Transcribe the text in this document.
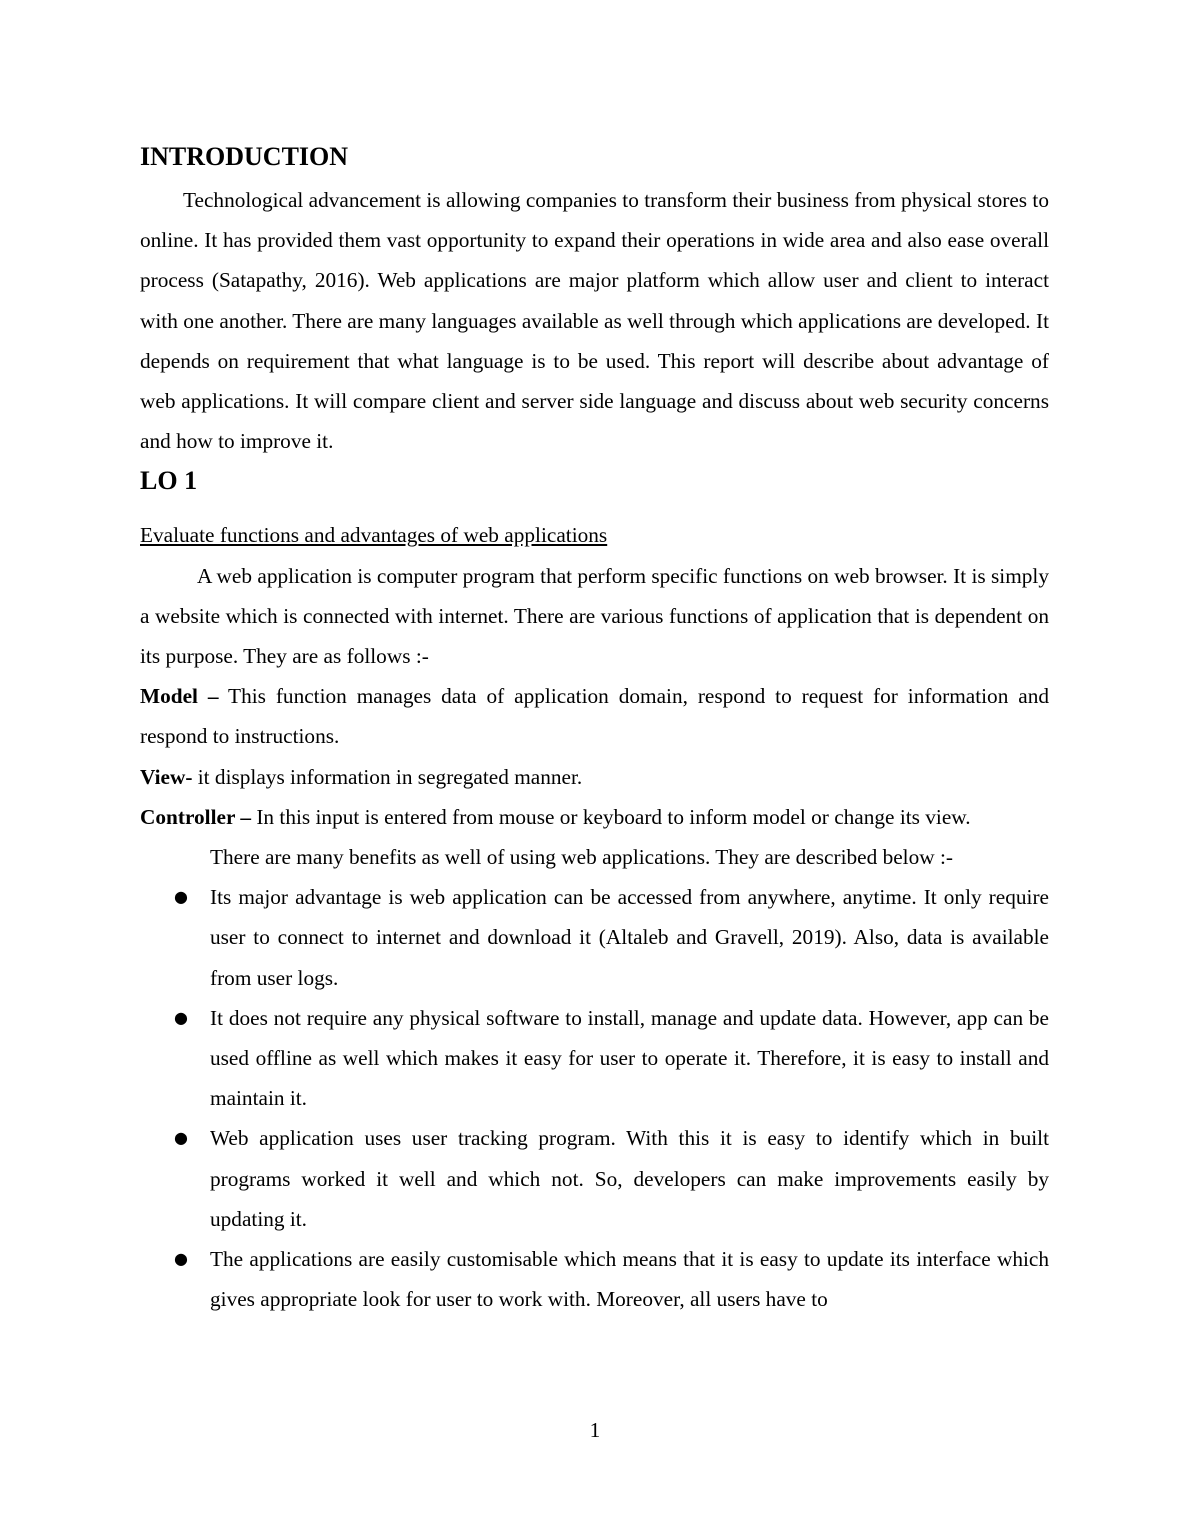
INTRODUCTION

Technological advancement is allowing companies to transform their business from physical stores to online. It has provided them vast opportunity to expand their operations in wide area and also ease overall process (Satapathy, 2016). Web applications are major platform which allow user and client to interact with one another. There are many languages available as well through which applications are developed. It depends on requirement that what language is to be used. This report will describe about advantage of web applications. It will compare client and server side language and discuss about web security concerns and how to improve it.

LO 1

Evaluate functions and advantages of web applications

A web application is computer program that perform specific functions on web browser. It is simply a website which is connected with internet. There are various functions of application that is dependent on its purpose. They are as follows :-

Model – This function manages data of application domain, respond to request for information and respond to instructions.

View- it displays information in segregated manner.

Controller – In this input is entered from mouse or keyboard to inform model or change its view.

There are many benefits as well of using web applications. They are described below :-

● Its major advantage is web application can be accessed from anywhere, anytime. It only require user to connect to internet and download it (Altaleb and Gravell, 2019). Also, data is available from user logs.
● It does not require any physical software to install, manage and update data. However, app can be used offline as well which makes it easy for user to operate it. Therefore, it is easy to install and maintain it.
● Web application uses user tracking program. With this it is easy to identify which in built programs worked it well and which not. So, developers can make improvements easily by updating it.
● The applications are easily customisable which means that it is easy to update its interface which gives appropriate look for user to work with. Moreover, all users have to
1
